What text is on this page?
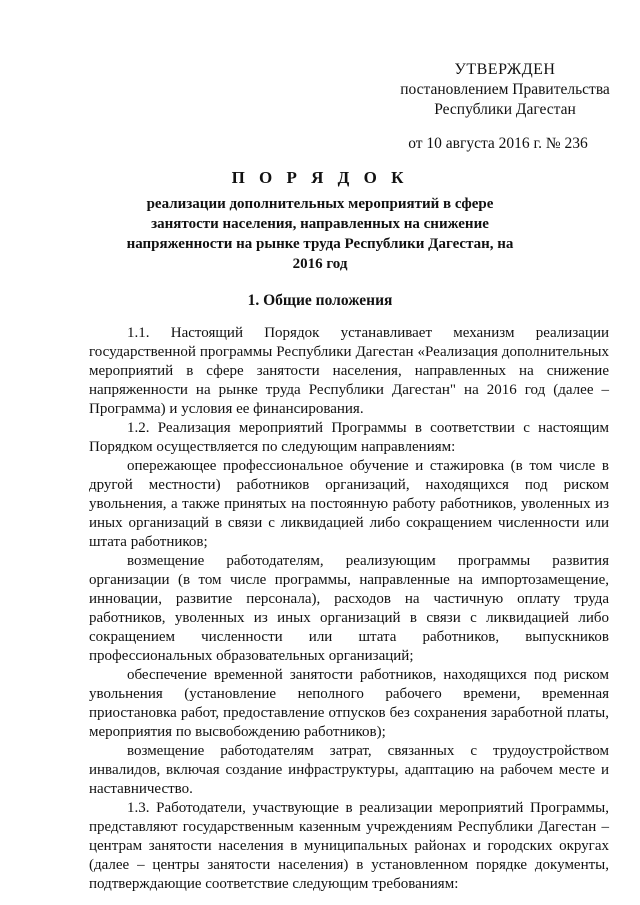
УТВЕРЖДЕН
постановлением Правительства
Республики Дагестан
от 10 августа 2016 г. № 236
П О Р Я Д О К
реализации дополнительных мероприятий в сфере занятости населения, направленных на снижение напряженности на рынке труда Республики Дагестан, на 2016 год
1. Общие положения

1.1. Настоящий Порядок устанавливает механизм реализации государственной программы Республики Дагестан «Реализация дополнительных мероприятий в сфере занятости населения, направленных на снижение напряженности на рынке труда Республики Дагестан" на 2016 год (далее – Программа) и условия ее финансирования.

1.2. Реализация мероприятий Программы в соответствии с настоящим Порядком осуществляется по следующим направлениям:

опережающее профессиональное обучение и стажировка (в том числе в другой местности) работников организаций, находящихся под риском увольнения, а также принятых на постоянную работу работников, уволенных из иных организаций в связи с ликвидацией либо сокращением численности или штата работников;

возмещение работодателям, реализующим программы развития организации (в том числе программы, направленные на импортозамещение, инновации, развитие персонала), расходов на частичную оплату труда работников, уволенных из иных организаций в связи с ликвидацией либо сокращением численности или штата работников, выпускников профессиональных образовательных организаций;

обеспечение временной занятости работников, находящихся под риском увольнения (установление неполного рабочего времени, временная приостановка работ, предоставление отпусков без сохранения заработной платы, мероприятия по высвобождению работников);

возмещение работодателям затрат, связанных с трудоустройством инвалидов, включая создание инфраструктуры, адаптацию на рабочем месте и наставничество.

1.3. Работодатели, участвующие в реализации мероприятий Программы, представляют государственным казенным учреждениям Республики Дагестан – центрам занятости населения в муниципальных районах и городских округах (далее – центры занятости населения) в установленном порядке документы, подтверждающие соответствие следующим требованиям:
